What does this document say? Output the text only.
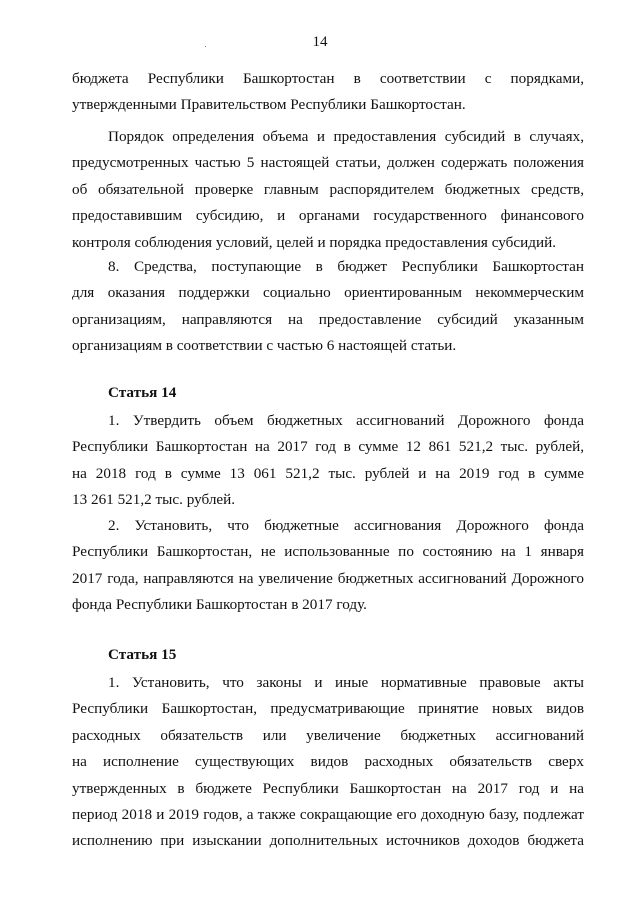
14
бюджета Республики Башкортостан в соответствии с порядками,
утвержденными Правительством Республики Башкортостан.
Порядок определения объема и предоставления субсидий в случаях,
предусмотренных частью 5 настоящей статьи, должен содержать положения
об обязательной проверке главным распорядителем бюджетных средств,
предоставившим субсидию, и органами государственного финансового
контроля соблюдения условий, целей и порядка предоставления субсидий.
8. Средства, поступающие в бюджет Республики Башкортостан
для оказания поддержки социально ориентированным некоммерческим
организациям, направляются на предоставление субсидий указанным
организациям в соответствии с частью 6 настоящей статьи.
Статья 14
1. Утвердить объем бюджетных ассигнований Дорожного фонда
Республики Башкортостан на 2017 год в сумме 12 861 521,2 тыс. рублей,
на 2018 год в сумме 13 061 521,2 тыс. рублей и на 2019 год в сумме
13 261 521,2 тыс. рублей.
2. Установить, что бюджетные ассигнования Дорожного фонда
Республики Башкортостан, не использованные по состоянию на 1 января
2017 года, направляются на увеличение бюджетных ассигнований Дорожного
фонда Республики Башкортостан в 2017 году.
Статья 15
1. Установить, что законы и иные нормативные правовые акты
Республики Башкортостан, предусматривающие принятие новых видов
расходных обязательств или увеличение бюджетных ассигнований
на исполнение существующих видов расходных обязательств сверх
утвержденных в бюджете Республики Башкортостан на 2017 год и на
период 2018 и 2019 годов, а также сокращающие его доходную базу, подлежат
исполнению при изыскании дополнительных источников доходов бюджета
